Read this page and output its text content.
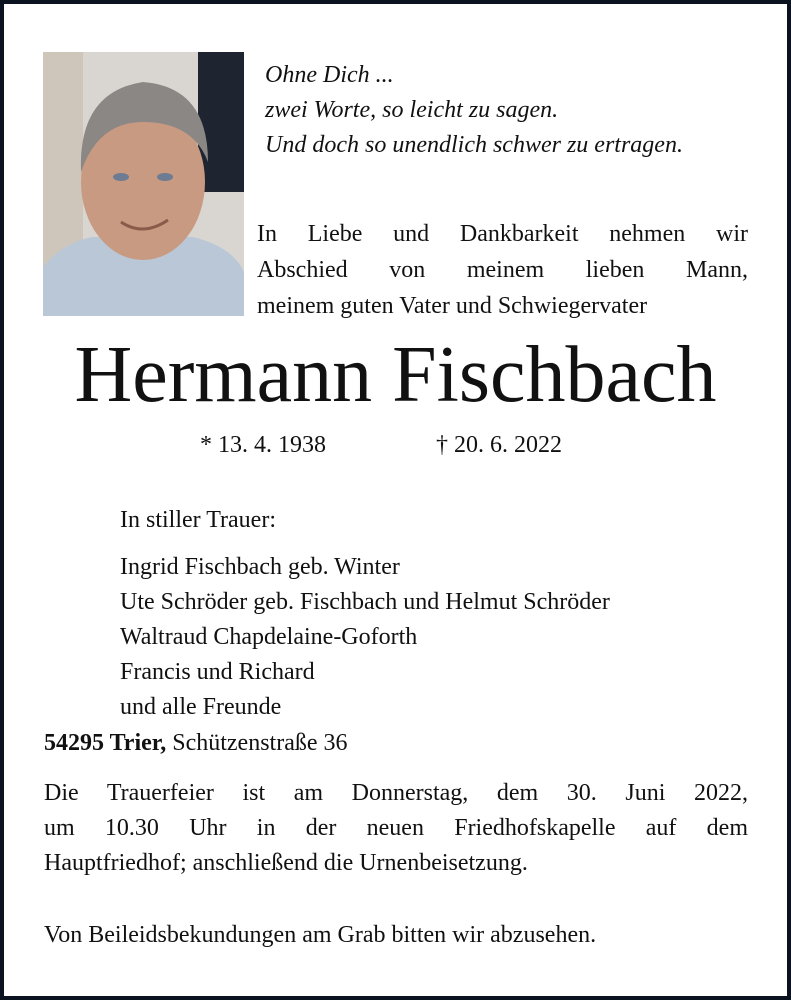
Ohne Dich ...
zwei Worte, so leicht zu sagen.
Und doch so unendlich schwer zu ertragen.
In Liebe und Dankbarkeit nehmen wir
Abschied von meinem lieben Mann,
meinem guten Vater und Schwiegervater
Hermann Fischbach
* 13. 4. 1938	† 20. 6. 2022
In stiller Trauer:
Ingrid Fischbach geb. Winter
Ute Schröder geb. Fischbach und Helmut Schröder
Waltraud Chapdelaine-Goforth
Francis und Richard
und alle Freunde
54295 Trier, Schützenstraße 36
Die Trauerfeier ist am Donnerstag, dem 30. Juni 2022,
um 10.30 Uhr in der neuen Friedhofskapelle auf dem
Hauptfriedhof; anschließend die Urnenbeisetzung.
Von Beileidsbekundungen am Grab bitten wir abzusehen.
